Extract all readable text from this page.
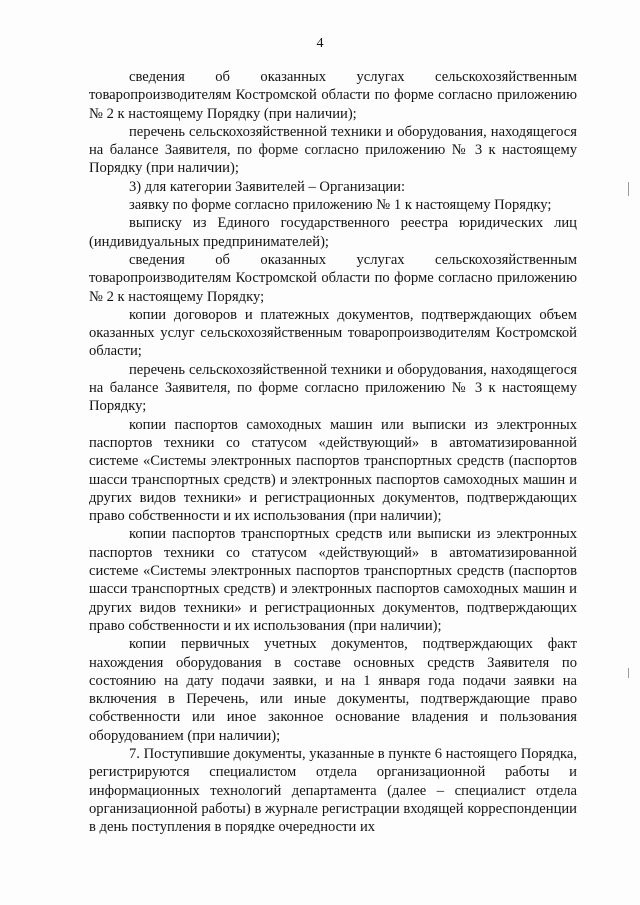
4

сведения об оказанных услугах сельскохозяйственным товаропроизводителям Костромской области по форме согласно приложению № 2 к настоящему Порядку (при наличии);

перечень сельскохозяйственной техники и оборудования, находящегося на балансе Заявителя, по форме согласно приложению № 3 к настоящему Порядку (при наличии);

3) для категории Заявителей – Организации:

заявку по форме согласно приложению № 1 к настоящему Порядку;

выписку из Единого государственного реестра юридических лиц (индивидуальных предпринимателей);

сведения об оказанных услугах сельскохозяйственным товаропроизводителям Костромской области по форме согласно приложению № 2 к настоящему Порядку;

копии договоров и платежных документов, подтверждающих объем оказанных услуг сельскохозяйственным товаропроизводителям Костромской области;

перечень сельскохозяйственной техники и оборудования, находящегося на балансе Заявителя, по форме согласно приложению № 3 к настоящему Порядку;

копии паспортов самоходных машин или выписки из электронных паспортов техники со статусом «действующий» в автоматизированной системе «Системы электронных паспортов транспортных средств (паспортов шасси транспортных средств) и электронных паспортов самоходных машин и других видов техники» и регистрационных документов, подтверждающих право собственности и их использования (при наличии);

копии паспортов транспортных средств или выписки из электронных паспортов техники со статусом «действующий» в автоматизированной системе «Системы электронных паспортов транспортных средств (паспортов шасси транспортных средств) и электронных паспортов самоходных машин и других видов техники» и регистрационных документов, подтверждающих право собственности и их использования (при наличии);

копии первичных учетных документов, подтверждающих факт нахождения оборудования в составе основных средств Заявителя по состоянию на дату подачи заявки, и на 1 января года подачи заявки на включения в Перечень, или иные документы, подтверждающие право собственности или иное законное основание владения и пользования оборудованием (при наличии);

7. Поступившие документы, указанные в пункте 6 настоящего Порядка, регистрируются специалистом отдела организационной работы и информационных технологий департамента (далее – специалист отдела организационной работы) в журнале регистрации входящей корреспонденции в день поступления в порядке очередности их
